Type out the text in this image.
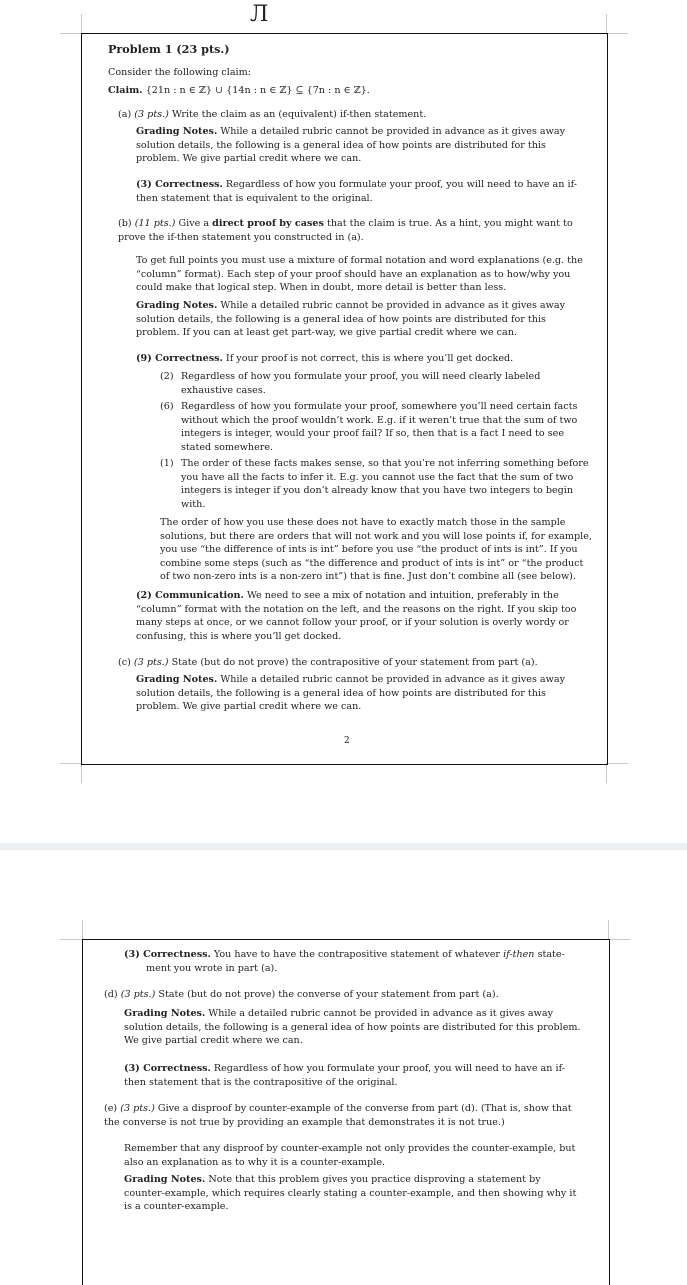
Л
Problem 1 (23 pts.)
Consider the following claim:
Claim. {21n : n ∈ ℤ} ∪ {14n : n ∈ ℤ} ⊆ {7n : n ∈ ℤ}.
(a) (3 pts.) Write the claim as an (equivalent) if-then statement.
Grading Notes. While a detailed rubric cannot be provided in advance as it gives away solution details, the following is a general idea of how points are distributed for this problem. We give partial credit where we can.
(3) Correctness. Regardless of how you formulate your proof, you will need to have an if-then statement that is equivalent to the original.
(b) (11 pts.) Give a direct proof by cases that the claim is true. As a hint, you might want to prove the if-then statement you constructed in (a).
To get full points you must use a mixture of formal notation and word explanations (e.g. the “column” format). Each step of your proof should have an explanation as to how/why you could make that logical step. When in doubt, more detail is better than less.
Grading Notes. While a detailed rubric cannot be provided in advance as it gives away solution details, the following is a general idea of how points are distributed for this problem. If you can at least get part-way, we give partial credit where we can.
(9) Correctness. If your proof is not correct, this is where you’ll get docked.
(2) Regardless of how you formulate your proof, you will need clearly labeled exhaustive cases.
(6) Regardless of how you formulate your proof, somewhere you’ll need certain facts without which the proof wouldn’t work. E.g. if it weren’t true that the sum of two integers is integer, would your proof fail? If so, then that is a fact I need to see stated somewhere.
(1) The order of these facts makes sense, so that you’re not inferring something before you have all the facts to infer it. E.g. you cannot use the fact that the sum of two integers is integer if you don’t already know that you have two integers to begin with.
The order of how you use these does not have to exactly match those in the sample solutions, but there are orders that will not work and you will lose points if, for example, you use “the difference of ints is int” before you use “the product of ints is int”. If you combine some steps (such as “the difference and product of ints is int” or “the product of two non-zero ints is a non-zero int”) that is fine. Just don’t combine all (see below).
(2) Communication. We need to see a mix of notation and intuition, preferably in the “column” format with the notation on the left, and the reasons on the right. If you skip too many steps at once, or we cannot follow your proof, or if your solution is overly wordy or confusing, this is where you’ll get docked.
(c) (3 pts.) State (but do not prove) the contrapositive of your statement from part (a).
Grading Notes. While a detailed rubric cannot be provided in advance as it gives away solution details, the following is a general idea of how points are distributed for this problem. We give partial credit where we can.
2
(3) Correctness. You have to have the contrapositive statement of whatever if-then state-
ment you wrote in part (a).
(d) (3 pts.) State (but do not prove) the converse of your statement from part (a).
Grading Notes. While a detailed rubric cannot be provided in advance as it gives away solution details, the following is a general idea of how points are distributed for this problem. We give partial credit where we can.
(3) Correctness. Regardless of how you formulate your proof, you will need to have an if-then statement that is the contrapositive of the original.
(e) (3 pts.) Give a disproof by counter-example of the converse from part (d). (That is, show that the converse is not true by providing an example that demonstrates it is not true.)
Remember that any disproof by counter-example not only provides the counter-example, but also an explanation as to why it is a counter-example.
Grading Notes. Note that this problem gives you practice disproving a statement by counter-example, which requires clearly stating a counter-example, and then showing why it is a counter-example.
